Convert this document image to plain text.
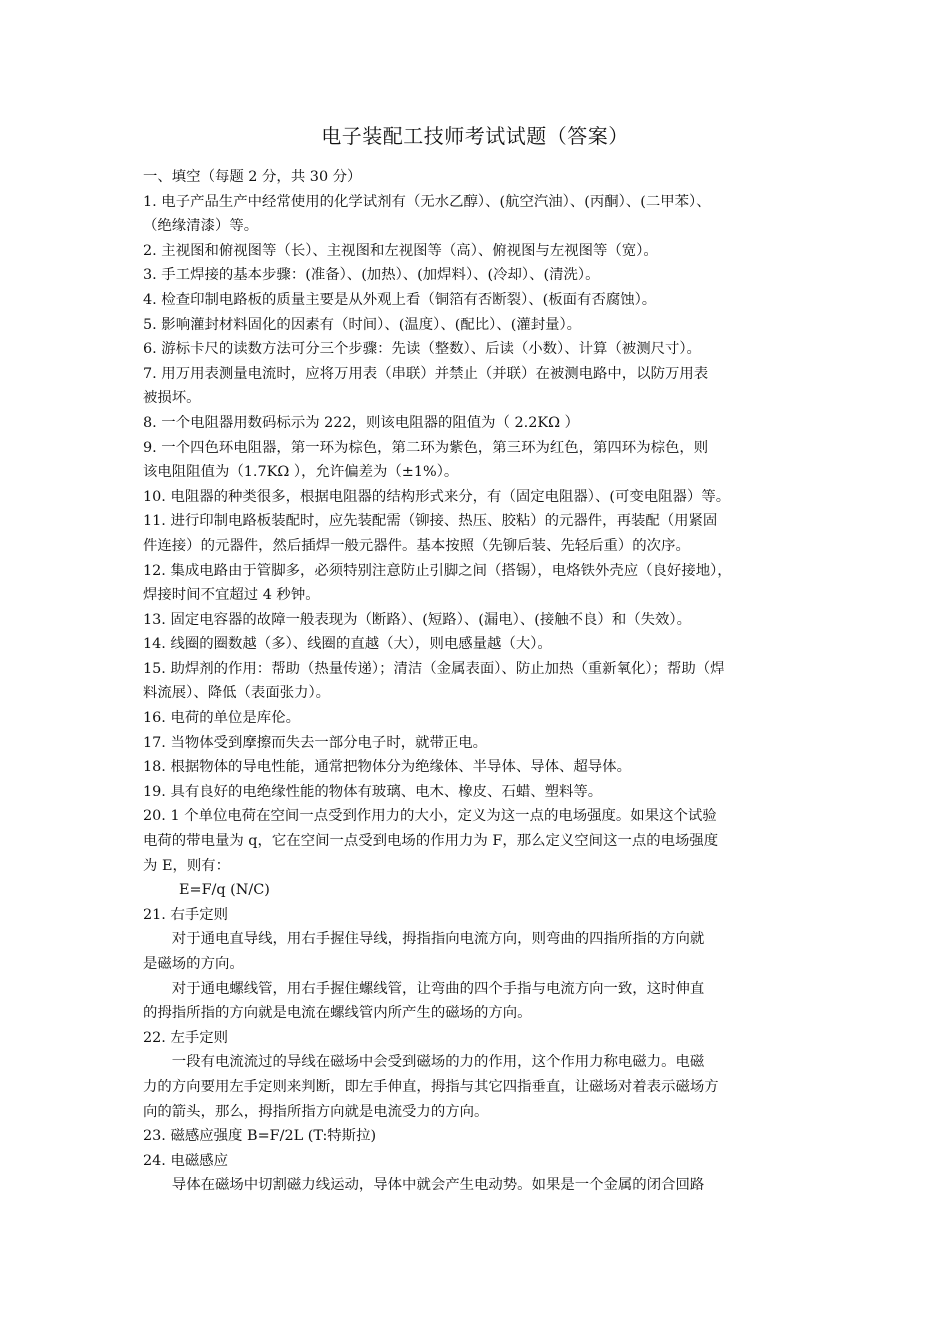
电子装配工技师考试试题（答案）
一、填空（每题 2 分，共 30 分）
1. 电子产品生产中经常使用的化学试剂有（无水乙醇）、(航空汽油）、(丙酮）、(二甲苯）、
（绝缘清漆）等。
2. 主视图和俯视图等（长）、主视图和左视图等（高）、俯视图与左视图等（宽）。
3. 手工焊接的基本步骤：(准备）、(加热）、(加焊料）、(冷却）、(清洗）。
4. 检查印制电路板的质量主要是从外观上看（铜箔有否断裂）、(板面有否腐蚀）。
5. 影响灌封材料固化的因素有（时间）、(温度）、(配比）、(灌封量）。
6. 游标卡尺的读数方法可分三个步骤：先读（整数）、后读（小数）、计算（被测尺寸）。
7. 用万用表测量电流时，应将万用表（串联）并禁止（并联）在被测电路中，以防万用表
被损坏。
8. 一个电阻器用数码标示为 222，则该电阻器的阻值为（ 2.2KΩ ）
9. 一个四色环电阻器，第一环为棕色，第二环为紫色，第三环为红色，第四环为棕色，则
该电阻阻值为（1.7KΩ ），允许偏差为（±1%）。
10. 电阻器的种类很多，根据电阻器的结构形式来分，有（固定电阻器）、(可变电阻器）等。
11. 进行印制电路板装配时，应先装配需（铆接、热压、胶粘）的元器件，再装配（用紧固
件连接）的元器件，然后插焊一般元器件。基本按照（先铆后装、先轻后重）的次序。
12. 集成电路由于管脚多，必须特别注意防止引脚之间（搭锡），电烙铁外壳应（良好接地），
焊接时间不宜超过 4 秒钟。
13. 固定电容器的故障一般表现为（断路）、(短路）、(漏电）、(接触不良）和（失效）。
14. 线圈的圈数越（多）、线圈的直越（大），则电感量越（大）。
15. 助焊剂的作用：帮助（热量传递）；清洁（金属表面）、防止加热（重新氧化）；帮助（焊
料流展）、降低（表面张力）。
16. 电荷的单位是库伦。
17. 当物体受到摩擦而失去一部分电子时，就带正电。
18. 根据物体的导电性能，通常把物体分为绝缘体、半导体、导体、超导体。
19. 具有良好的电绝缘性能的物体有玻璃、电木、橡皮、石蜡、塑料等。
20. 1 个单位电荷在空间一点受到作用力的大小，定义为这一点的电场强度。如果这个试验
电荷的带电量为 q，它在空间一点受到电场的作用力为 F，那么定义空间这一点的电场强度
为 E，则有：
E=F/q (N/C)
21. 右手定则
对于通电直导线，用右手握住导线，拇指指向电流方向，则弯曲的四指所指的方向就
是磁场的方向。
对于通电螺线管，用右手握住螺线管，让弯曲的四个手指与电流方向一致，这时伸直
的拇指所指的方向就是电流在螺线管内所产生的磁场的方向。
22. 左手定则
一段有电流流过的导线在磁场中会受到磁场的力的作用，这个作用力称电磁力。电磁
力的方向要用左手定则来判断，即左手伸直，拇指与其它四指垂直，让磁场对着表示磁场方
向的箭头，那么，拇指所指方向就是电流受力的方向。
23. 磁感应强度 B=F/2L (T:特斯拉)
24. 电磁感应
导体在磁场中切割磁力线运动，导体中就会产生电动势。如果是一个金属的闭合回路
